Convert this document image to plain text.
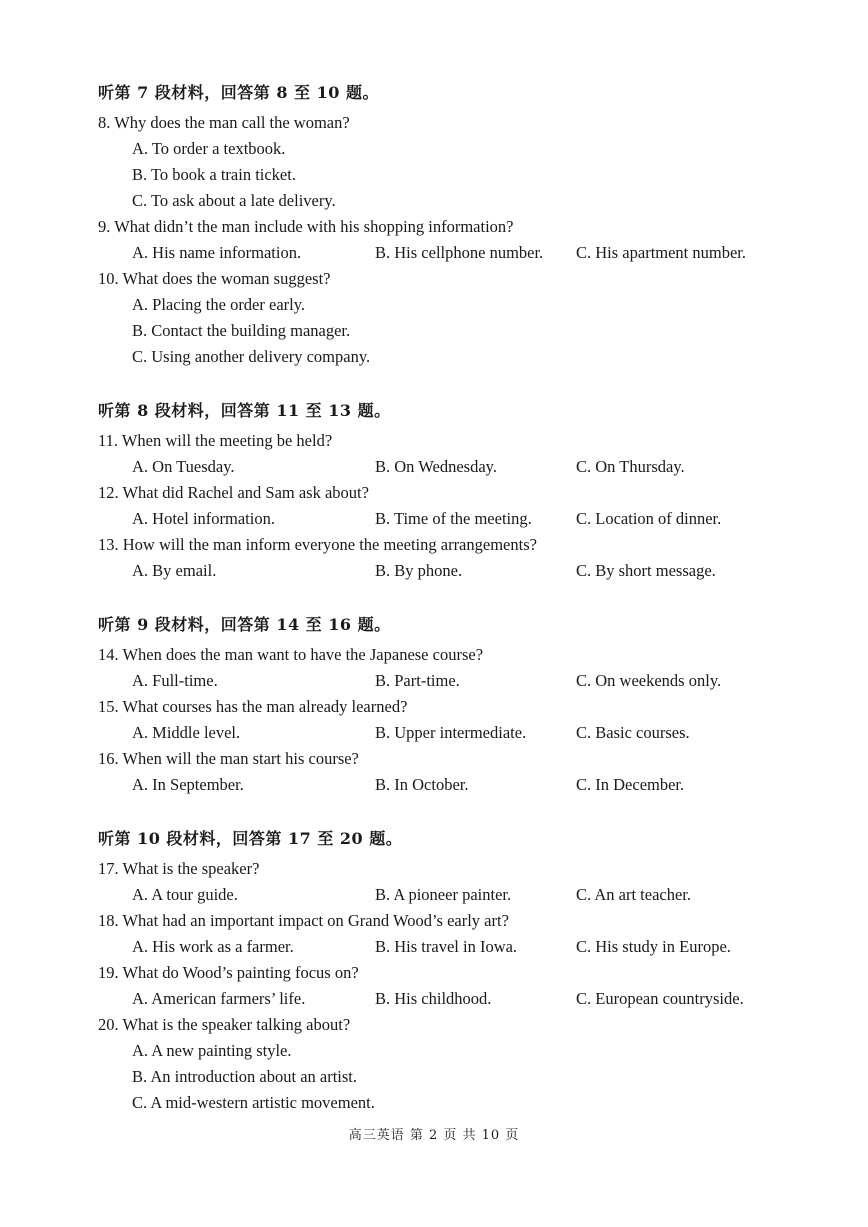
听第 7 段材料，回答第 8 至 10 题。
8. Why does the man call the woman?
A. To order a textbook.
B. To book a train ticket.
C. To ask about a late delivery.
9. What didn’t the man include with his shopping information?
A. His name information.	B. His cellphone number.	C. His apartment number.
10. What does the woman suggest?
A. Placing the order early.
B. Contact the building manager.
C. Using another delivery company.
听第 8 段材料，回答第 11 至 13 题。
11. When will the meeting be held?
A. On Tuesday.	B. On Wednesday.	C. On Thursday.
12. What did Rachel and Sam ask about?
A. Hotel information.	B. Time of the meeting.	C. Location of dinner.
13. How will the man inform everyone the meeting arrangements?
A. By email.	B. By phone.	C. By short message.
听第 9 段材料，回答第 14 至 16 题。
14. When does the man want to have the Japanese course?
A. Full-time.	B. Part-time.	C. On weekends only.
15. What courses has the man already learned?
A. Middle level.	B. Upper intermediate.	C. Basic courses.
16. When will the man start his course?
A. In September.	B. In October.	C. In December.
听第 10 段材料，回答第 17 至 20 题。
17. What is the speaker?
A. A tour guide.	B. A pioneer painter.	C. An art teacher.
18. What had an important impact on Grand Wood’s early art?
A. His work as a farmer.	B. His travel in Iowa.	C. His study in Europe.
19. What do Wood’s painting focus on?
A. American farmers’ life.	B. His childhood.	C. European countryside.
20. What is the speaker talking about?
A. A new painting style.
B. An introduction about an artist.
C. A mid-western artistic movement.
高三英语 第 2 页 共 10 页
